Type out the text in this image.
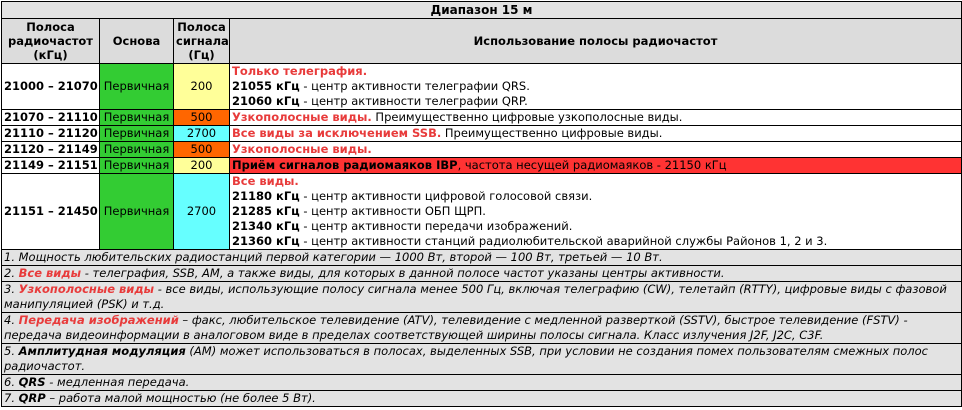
Диапазон 15 м			
Полоса радиочастот (кГц)	Основа	Полоса сигнала (Гц)	Использование полосы радиочастот
21000 – 21070	Первичная	200	Только телеграфия.
21055 кГц - центр активности телеграфии QRS.
21060 кГц - центр активности телеграфии QRP.

21070 – 21110	Первичная	500	Узкополосные виды. Преимущественно цифровые узкополосные виды.
21110 – 21120	Первичная	2700	Все виды за исключением SSB. Преимущественно цифровые виды.
21120 – 21149	Первичная	500	Узкополосные виды.
21149 – 21151	Первичная	200	Приём сигналов радиомаяков IBP, частота несущей радиомаяков - 21150 кГц
21151 – 21450	Первичная	2700	Все виды.
21180 кГц - центр активности цифровой голосовой связи.
21285 кГц - центр активности ОБП ЩРП.
21340 кГц - центр активности передачи изображений.
21360 кГц - центр активности станций радиолюбительской аварийной службы Районов 1, 2 и 3.

1. Мощность любительских радиостанций первой категории — 1000 Вт, второй — 100 Вт, третьей — 10 Вт.			
2. Все виды - телеграфия, SSB, AM, а также виды, для которых в данной полосе частот указаны центры активности.			
3. Узкополосные виды - все виды, использующие полосу сигнала менее 500 Гц, включая телеграфию (CW), телетайп (RTTY), цифровые виды с фазовой манипуляцией (PSK) и т.д.			
4. Передача изображений – факс, любительское телевидение (ATV), телевидение с медленной разверткой (SSTV), быстрое телевидение (FSTV) - передача видеоинформации в аналоговом виде в пределах соответствующей ширины полосы сигнала. Класс излучения J2F, J2C, C3F.			
5. Амплитудная модуляция (AM) может использоваться в полосах, выделенных SSB, при условии не создания помех пользователям смежных полос радиочастот.			
6. QRS - медленная передача.			
7. QRP – работа малой мощностью (не более 5 Вт).			
